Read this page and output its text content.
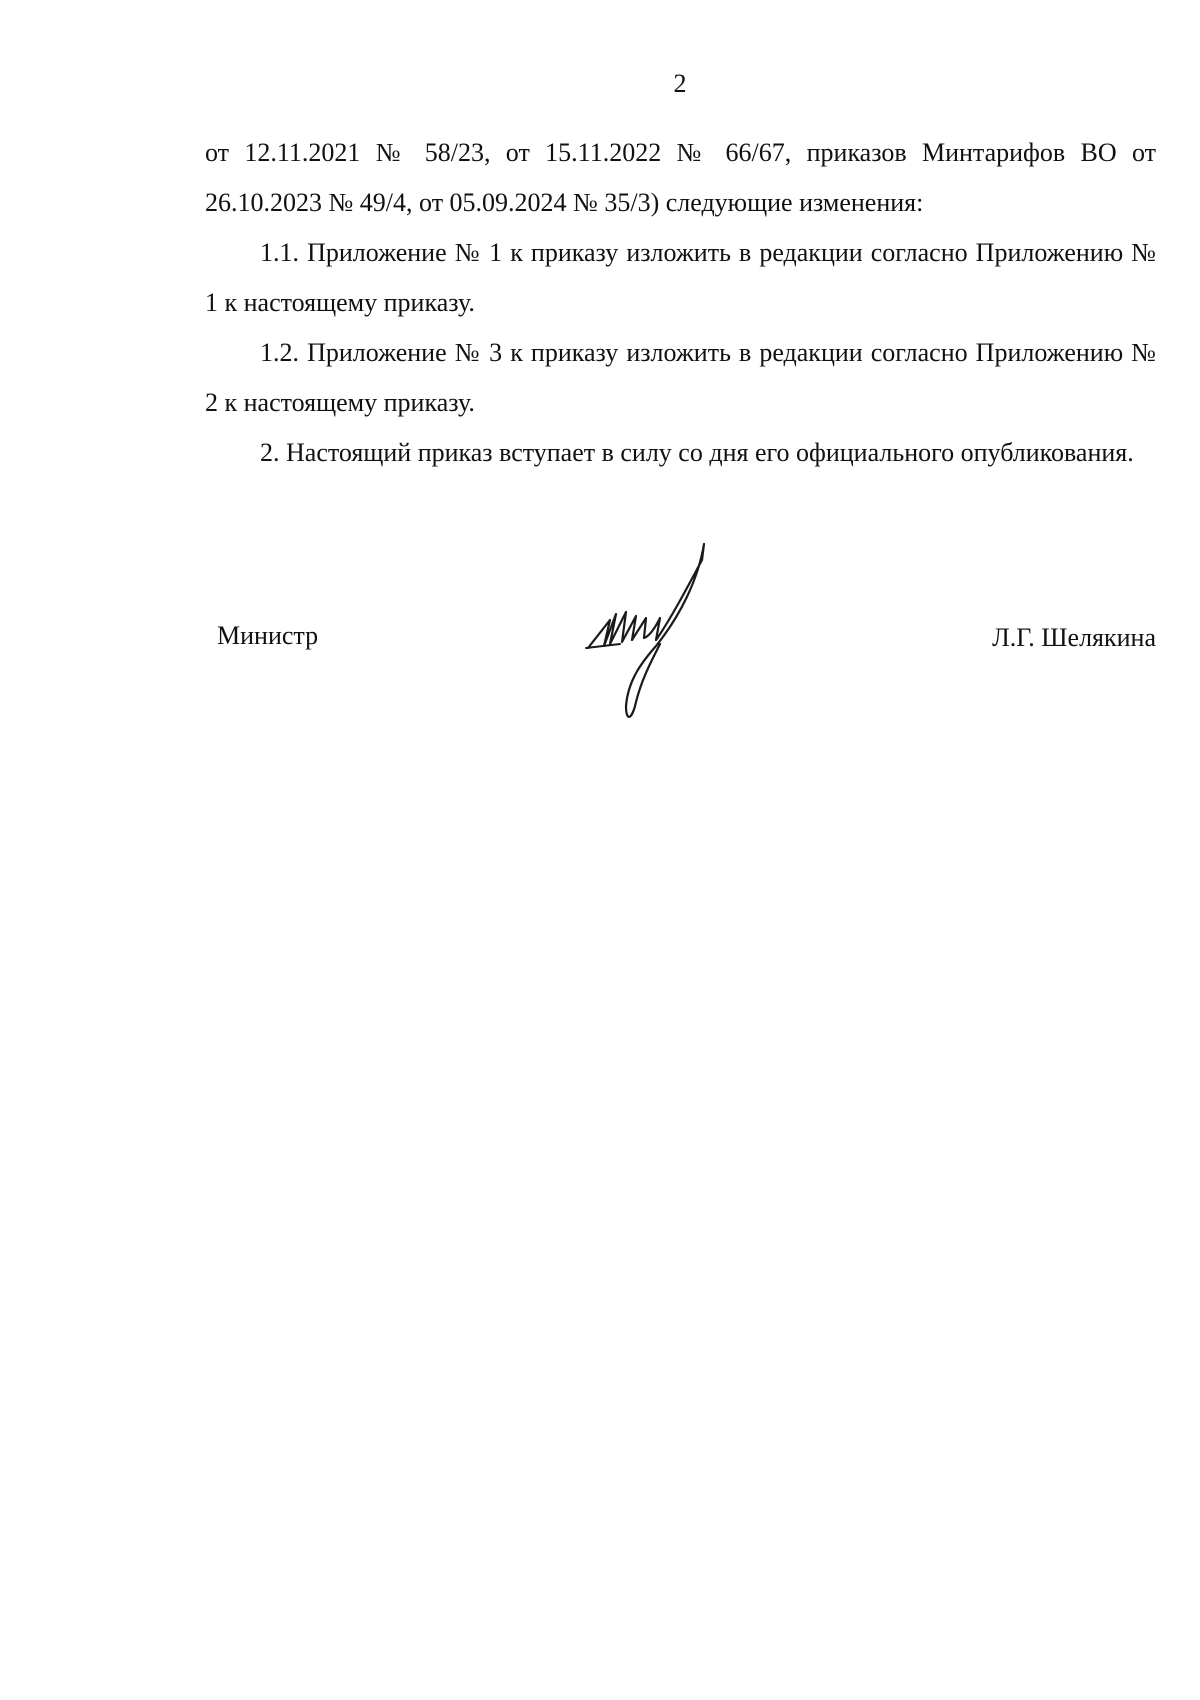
2

от 12.11.2021 № 58/23, от 15.11.2022 № 66/67, приказов Минтарифов ВО от 26.10.2023 № 49/4, от 05.09.2024 № 35/3) следующие изменения:

1.1. Приложение № 1 к приказу изложить в редакции согласно Приложению № 1 к настоящему приказу.

1.2. Приложение № 3 к приказу изложить в редакции согласно Приложению № 2 к настоящему приказу.

2. Настоящий приказ вступает в силу со дня его официального опубликования.

Министр	Л.Г. Шелякина
